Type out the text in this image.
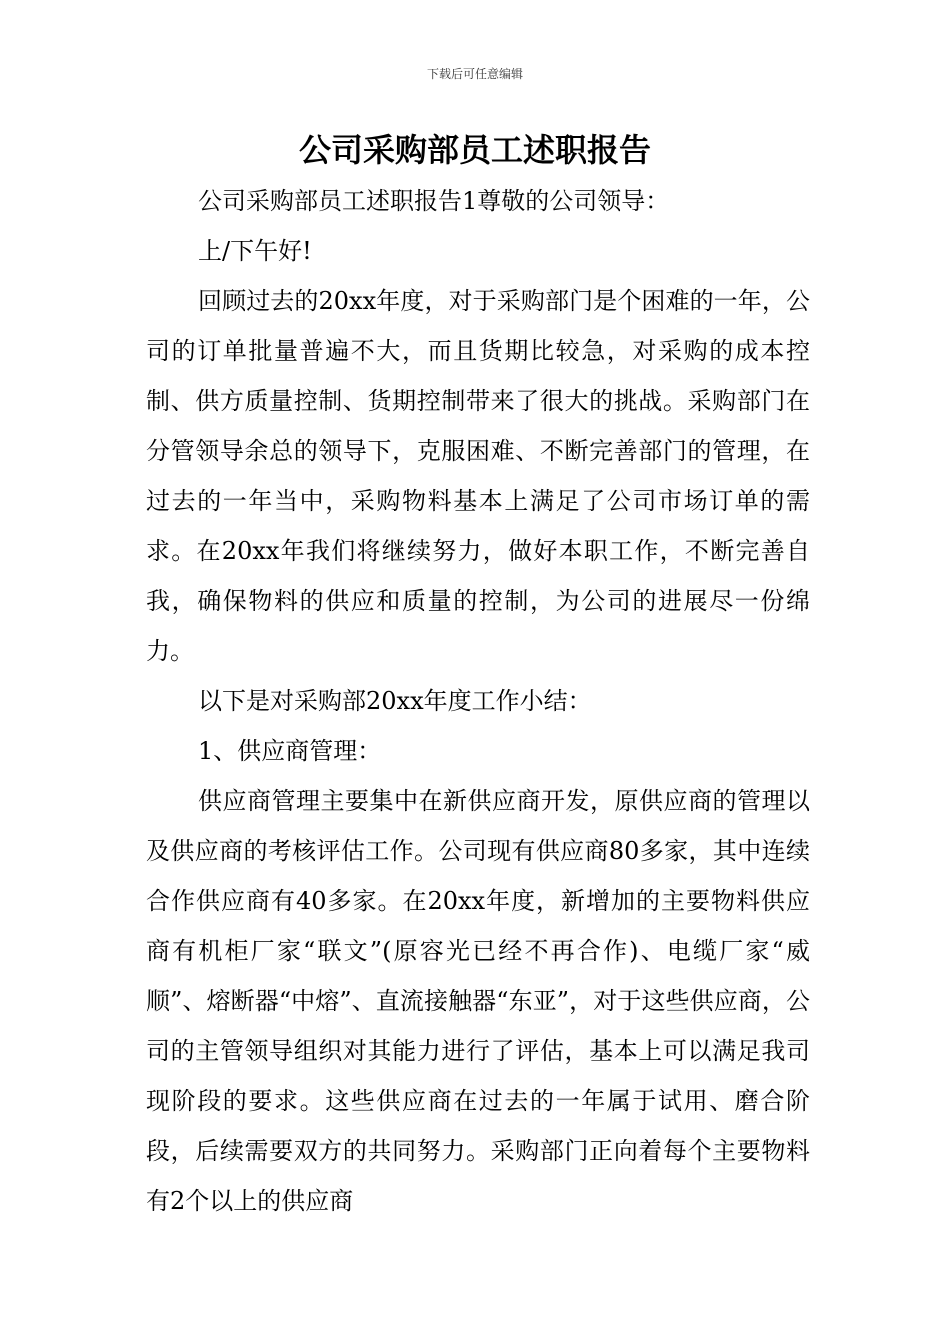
下载后可任意编辑
公司采购部员工述职报告

公司采购部员工述职报告1尊敬的公司领导：

上/下午好!

回顾过去的20xx年度，对于采购部门是个困难的一年，公司的订单批量普遍不大，而且货期比较急，对采购的成本控制、供方质量控制、货期控制带来了很大的挑战。采购部门在分管领导余总的领导下，克服困难、不断完善部门的管理，在过去的一年当中，采购物料基本上满足了公司市场订单的需求。在20xx年我们将继续努力，做好本职工作，不断完善自我，确保物料的供应和质量的控制，为公司的进展尽一份绵力。

以下是对采购部20xx年度工作小结：

1、供应商管理：

供应商管理主要集中在新供应商开发，原供应商的管理以及供应商的考核评估工作。公司现有供应商80多家，其中连续合作供应商有40多家。在20xx年度，新增加的主要物料供应商有机柜厂家“联文”(原容光已经不再合作)、电缆厂家“威顺”、熔断器“中熔”、直流接触器“东亚”，对于这些供应商，公司的主管领导组织对其能力进行了评估，基本上可以满足我司现阶段的要求。这些供应商在过去的一年属于试用、磨合阶段，后续需要双方的共同努力。采购部门正向着每个主要物料有2个以上的供应商
